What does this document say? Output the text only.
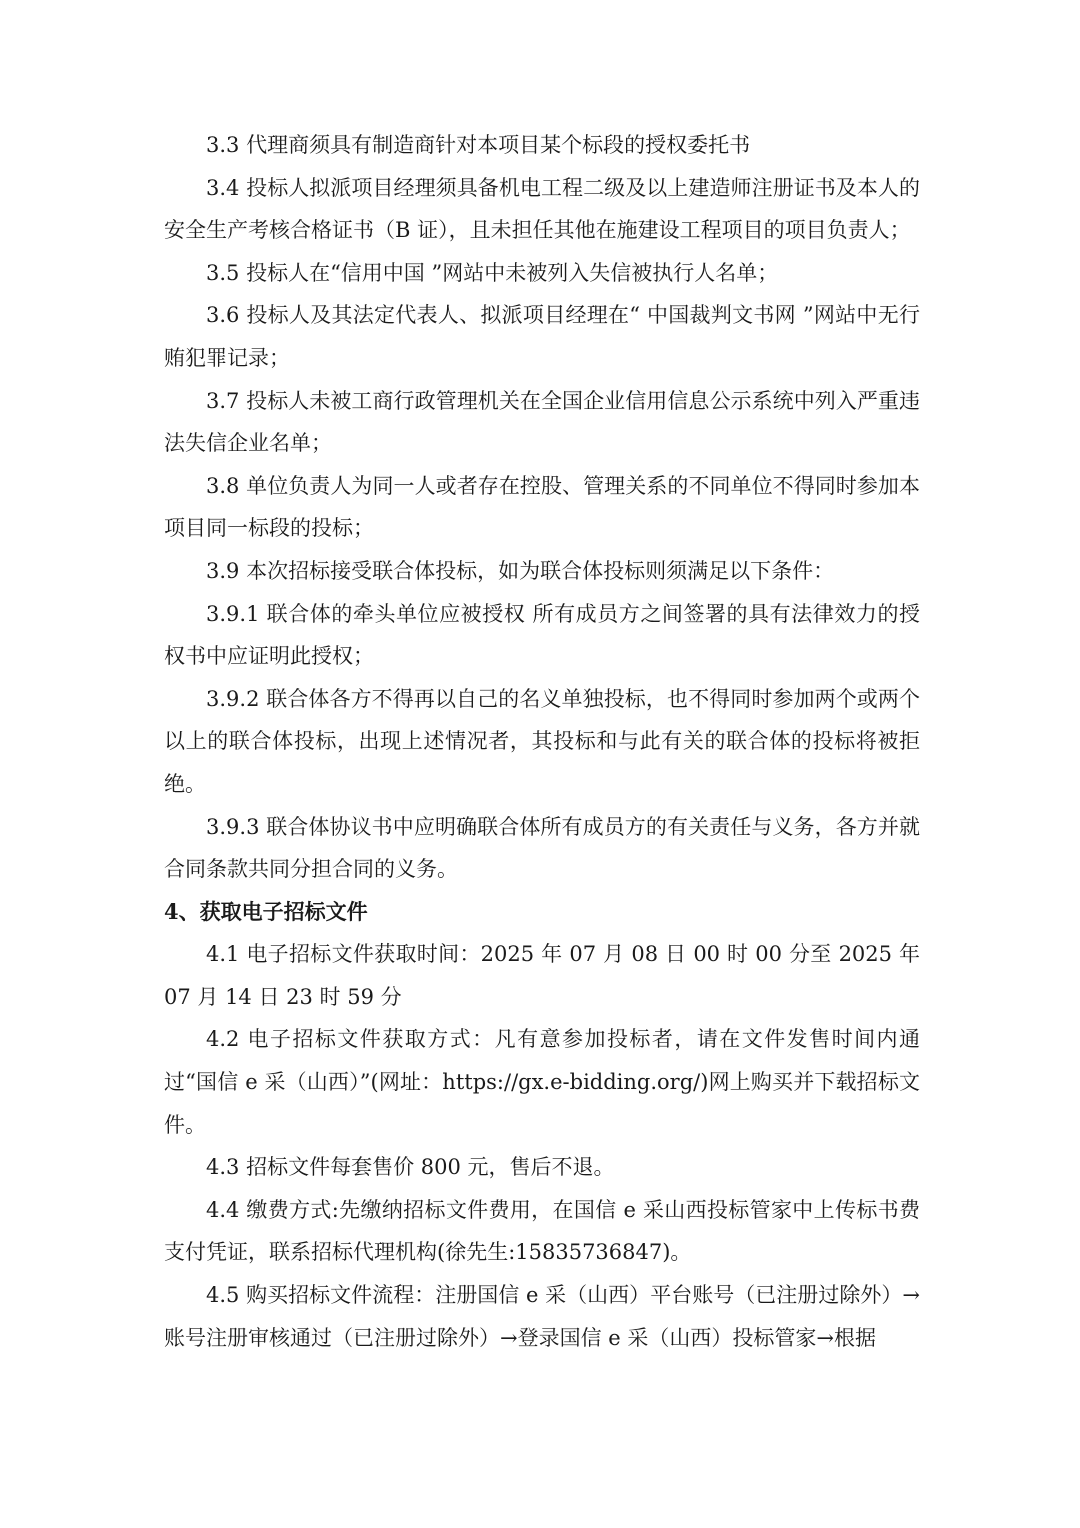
3.3 代理商须具有制造商针对本项目某个标段的授权委托书

3.4 投标人拟派项目经理须具备机电工程二级及以上建造师注册证书及本人的安全生产考核合格证书（B 证），且未担任其他在施建设工程项目的项目负责人；

3.5 投标人在“信用中国 ”网站中未被列入失信被执行人名单；

3.6 投标人及其法定代表人、拟派项目经理在“ 中国裁判文书网 ”网站中无行贿犯罪记录；

3.7 投标人未被工商行政管理机关在全国企业信用信息公示系统中列入严重违法失信企业名单；

3.8 单位负责人为同一人或者存在控股、管理关系的不同单位不得同时参加本项目同一标段的投标；

3.9 本次招标接受联合体投标，如为联合体投标则须满足以下条件：

3.9.1 联合体的牵头单位应被授权 所有成员方之间签署的具有法律效力的授权书中应证明此授权；

3.9.2 联合体各方不得再以自己的名义单独投标，也不得同时参加两个或两个以上的联合体投标，出现上述情况者，其投标和与此有关的联合体的投标将被拒绝。

3.9.3 联合体协议书中应明确联合体所有成员方的有关责任与义务，各方并就合同条款共同分担合同的义务。

4、获取电子招标文件

4.1 电子招标文件获取时间：2025 年 07 月 08 日 00 时 00 分至 2025 年 07 月 14 日 23 时 59 分

4.2 电子招标文件获取方式：凡有意参加投标者，请在文件发售时间内通过“国信 e 采（山西）”(网址：https://gx.e-bidding.org/)网上购买并下载招标文件。

4.3 招标文件每套售价 800 元，售后不退。

4.4 缴费方式:先缴纳招标文件费用，在国信 e 采山西投标管家中上传标书费支付凭证，联系招标代理机构(徐先生:15835736847)。

4.5 购买招标文件流程：注册国信 e 采（山西）平台账号（已注册过除外）→账号注册审核通过（已注册过除外）→登录国信 e 采（山西）投标管家→根据
